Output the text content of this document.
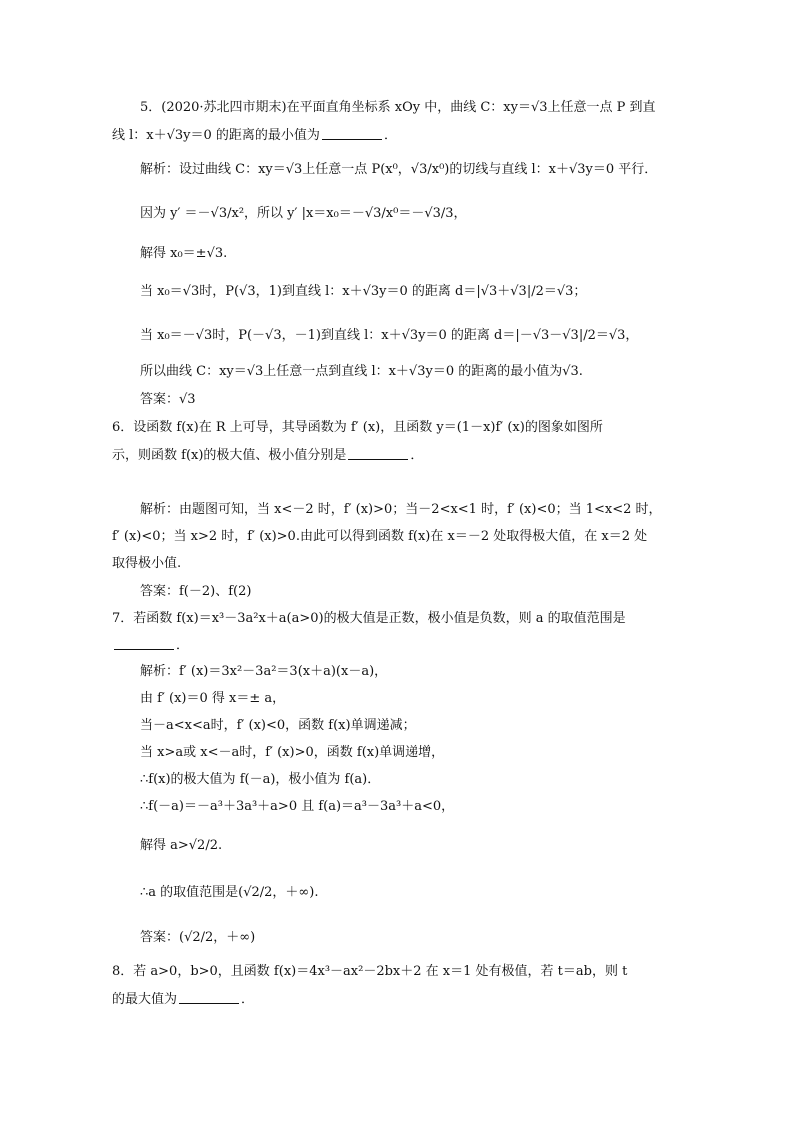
5．(2020·苏北四市期末)在平面直角坐标系 xOy 中，曲线 C：xy＝√3上任意一点 P 到直
线 l：x＋√3y＝0 的距离的最小值为	．
解析：设过曲线 C：xy＝√3上任意一点 P(x⁰，√3/x⁰)的切线与直线 l：x＋√3y＝0 平行．
因为 y′ ＝－√3/x²，所以 y′ |x＝x₀＝－√3/x⁰＝－√3/3，
解得 x₀＝±√3.
当 x₀＝√3时，P(√3，1)到直线 l：x＋√3y＝0 的距离 d＝|√3＋√3|/2＝√3；
当 x₀＝－√3时，P(－√3，－1)到直线 l：x＋√3y＝0 的距离 d＝|－√3－√3|/2＝√3，
所以曲线 C：xy＝√3上任意一点到直线 l：x＋√3y＝0 的距离的最小值为√3.
答案：√3
6．设函数 f(x)在 R 上可导，其导函数为 f′ (x)，且函数 y＝(1－x)f′ (x)的图象如图所
示，则函数 f(x)的极大值、极小值分别是	．
解析：由题图可知，当 x<－2 时，f′ (x)>0；当－2<x<1 时，f′ (x)<0；当 1<x<2 时，
f′ (x)<0；当 x>2 时，f′ (x)>0.由此可以得到函数 f(x)在 x＝－2 处取得极大值，在 x＝2 处
取得极小值.
答案：f(－2)、f(2)
7．若函数 f(x)＝x³－3a²x＋a(a>0)的极大值是正数，极小值是负数，则 a 的取值范围是
．
解析：f′ (x)＝3x²－3a²＝3(x＋a)(x－a)，
由 f′ (x)＝0 得 x＝± a，
当－a<x<a时，f′ (x)<0，函数 f(x)单调递减；
当 x>a或 x<－a时，f′ (x)>0，函数 f(x)单调递增，
∴f(x)的极大值为 f(－a)，极小值为 f(a)．
∴f(－a)＝－a³＋3a³＋a>0 且 f(a)＝a³－3a³＋a<0，
解得 a>√2/2.
∴a 的取值范围是(√2/2，＋∞).
答案：(√2/2，＋∞)
8．若 a>0，b>0，且函数 f(x)＝4x³－ax²－2bx＋2 在 x＝1 处有极值，若 t＝ab，则 t
的最大值为	．
